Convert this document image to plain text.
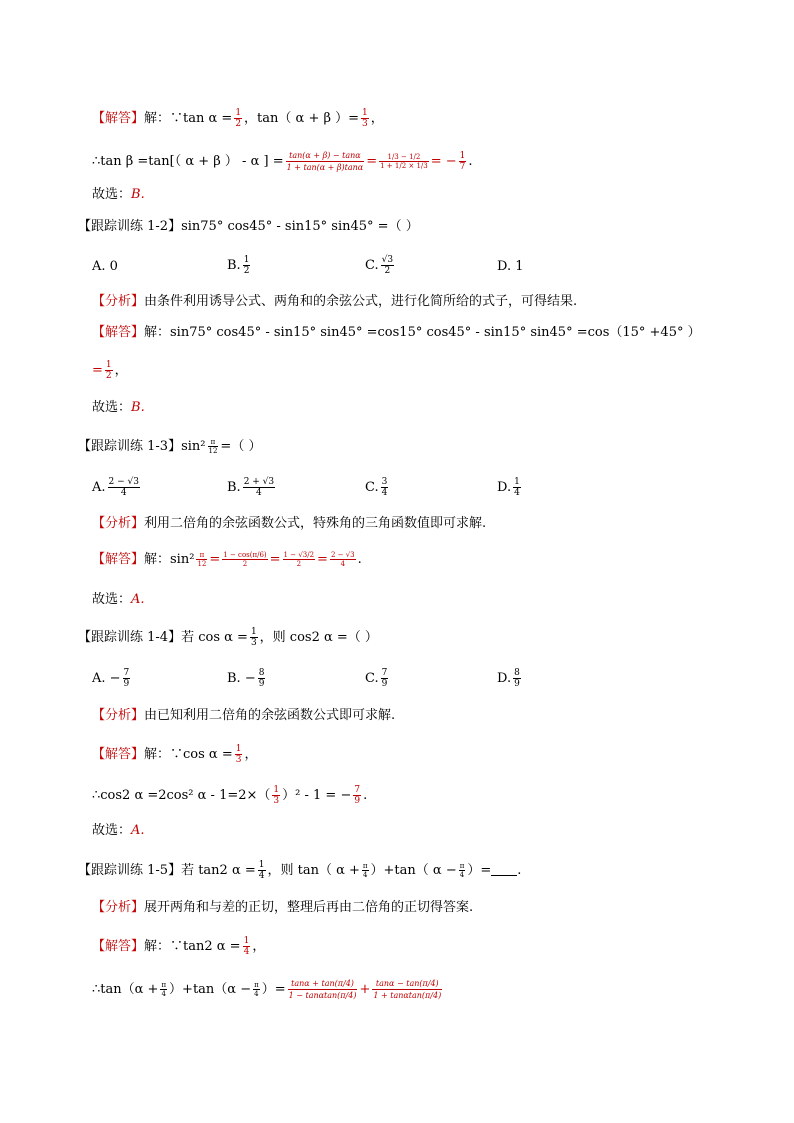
【解答】解：∵tan $\alpha = \frac{1}{2}$ ，tan（ α + β ）= $\frac{1}{3}$ ，
∴tan β =tan[（ α + β ） - α ] = $\frac{\tan(\alpha + \beta) - \tan\alpha}{1 + \tan(\alpha + \beta)\tan\alpha} = \frac{1/3 - 1/2}{1 + 1/2 \times 1/3}$ = − $\frac{1}{7}$ .
故选：B.
【跟踪训练 1-2】sin75° cos45° - sin15° sin45° =（ ）
A. 0	B. $\frac{1}{2}$	C. $\frac{√3}{2}$	D. 1
【分析】由条件利用诱导公式、两角和的余弦公式，进行化简所给的式子，可得结果.
【解答】解：sin75° cos45° - sin15° sin45° =cos15° cos45° - sin15° sin45° =cos（15° +45° ）
= $\frac{1}{2}$ ，
故选：B.
【跟踪训练 1-3】$\sin^2 \frac{\pi}{12}$ =（ ）
A. $\frac{2 - √3}{4}$	B. $\frac{2 + √3}{4}$	C. $\frac{3}{4}$	D. $\frac{1}{4}$
【分析】利用二倍角的余弦函数公式，特殊角的三角函数值即可求解.
【解答】解：$\sin^2 \frac{\pi}{12} = \frac{1 - \cos(\pi/6)}{2} = \frac{1 - √3/2}{2} = \frac{2 - √3}{4}$ .
故选：A.
【跟踪训练 1-4】若 $\cos \alpha = \frac{1}{3}$ ，则 cos2 α =（ ）
A. − $\frac{7}{9}$	B. − $\frac{8}{9}$	C. $\frac{7}{9}$	D. $\frac{8}{9}$
【分析】由已知利用二倍角的余弦函数公式即可求解.
【解答】解：∵cos $\alpha = \frac{1}{3}$ ，
∴cos2 α =2cos² $\alpha - 1=2\times( \frac{1}{3} )^2 - 1$ = − $\frac{7}{9}$ .
故选：A.
【跟踪训练 1-5】若 tan2 $\alpha = \frac{1}{4}$ ，则 tan（ $\alpha + \frac{\pi}{4} )+\tan$（ $\alpha - \frac{\pi}{4}$ ）= .
【分析】展开两角和与差的正切，整理后再由二倍角的正切得答案.
【解答】解：∵tan2 $\alpha = \frac{1}{4}$ ，
∴tan（α + $\frac{\pi}{4} )+\tan(\alpha - \frac{\pi}{4}$ ）= $\frac{\tan\alpha + \tan(\pi/4)}{1 - \tan\alpha\tan(\pi/4)} + \frac{\tan\alpha - \tan(\pi/4)}{1 + \tan\alpha\tan(\pi/4)}$
